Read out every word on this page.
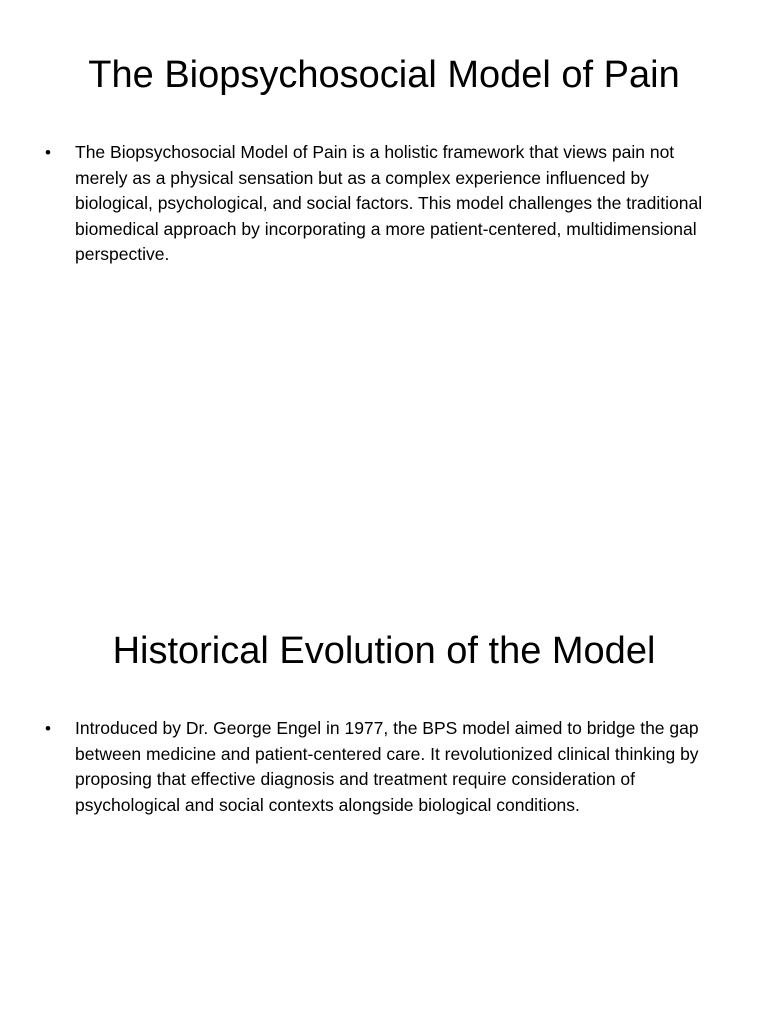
The Biopsychosocial Model of Pain
• The Biopsychosocial Model of Pain is a holistic framework that views pain not merely as a physical sensation but as a complex experience influenced by biological, psychological, and social factors. This model challenges the traditional biomedical approach by incorporating a more patient-centered, multidimensional perspective.
Historical Evolution of the Model
• Introduced by Dr. George Engel in 1977, the BPS model aimed to bridge the gap between medicine and patient-centered care. It revolutionized clinical thinking by proposing that effective diagnosis and treatment require consideration of psychological and social contexts alongside biological conditions.
